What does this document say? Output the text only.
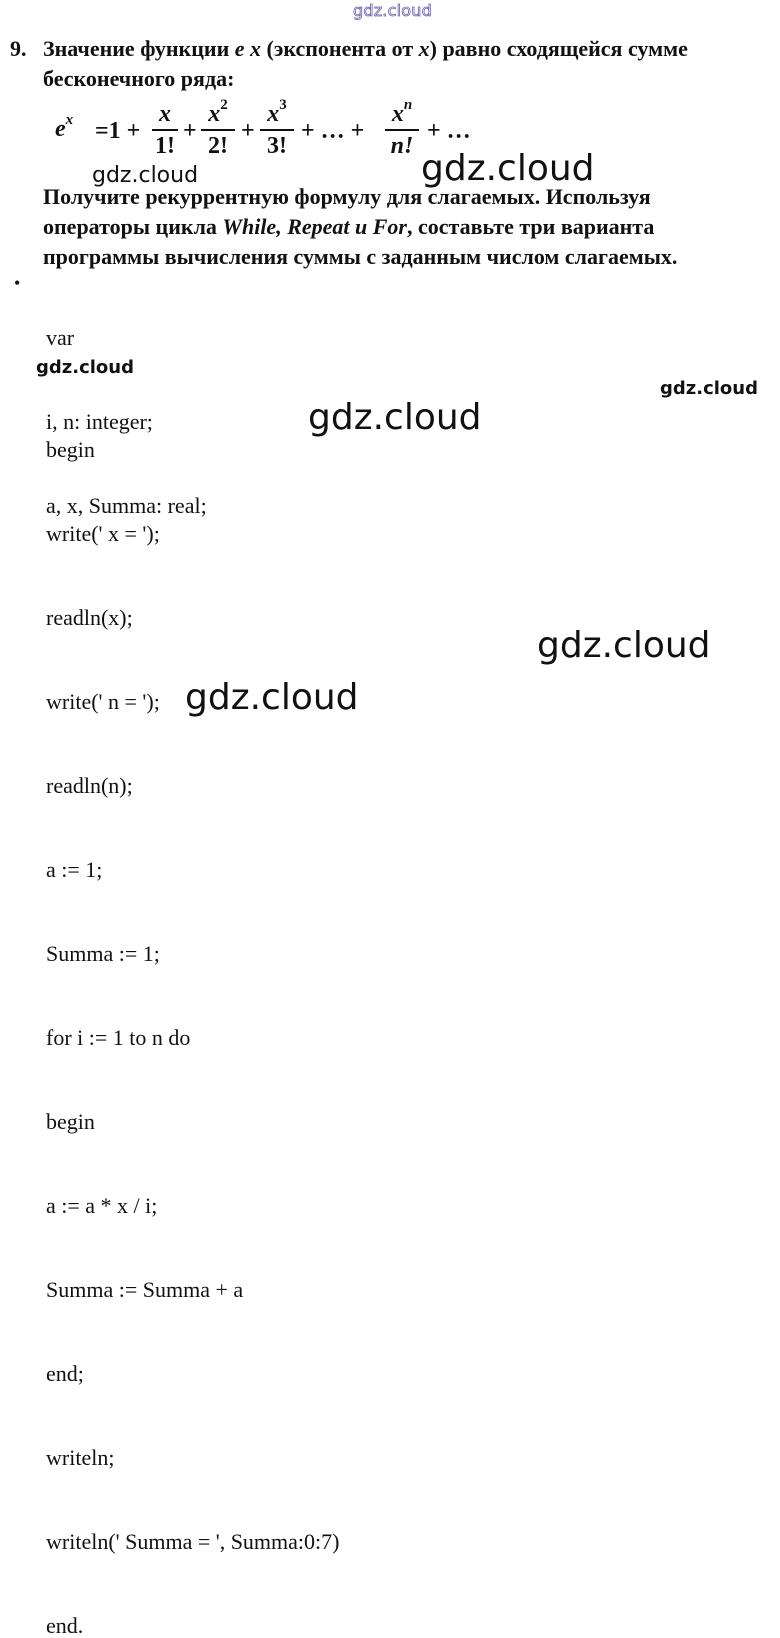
gdz.cloud
gdz.cloud	gdz.cloud
gdz.cloud
gdz.cloud
gdz.cloud
gdz.cloud
gdz.cloud
9. Значение функции e x (экспонента от x) равно сходящейся сумме
бесконечного ряда:
$e^x =1$ +
x
1!
+
$x^2$
2!
+
$x^3$
3!
+ … +
$x^n$
n!
+ …
Получите рекуррентную формулу для слагаемых. Используя
операторы цикла While, Repeat и For, составьте три варианта
программы вычисления суммы с заданным числом слагаемых.
•

var

i, n: integer;

a, x, Summa: real;

begin

write(' x = ');

readln(x);

write(' n = ');

readln(n);

a := 1;

Summa := 1;

for i := 1 to n do

begin

a := a * x / i;

Summa := Summa + a

end;

writeln;

writeln(' Summa = ', Summa:0:7)

end.
